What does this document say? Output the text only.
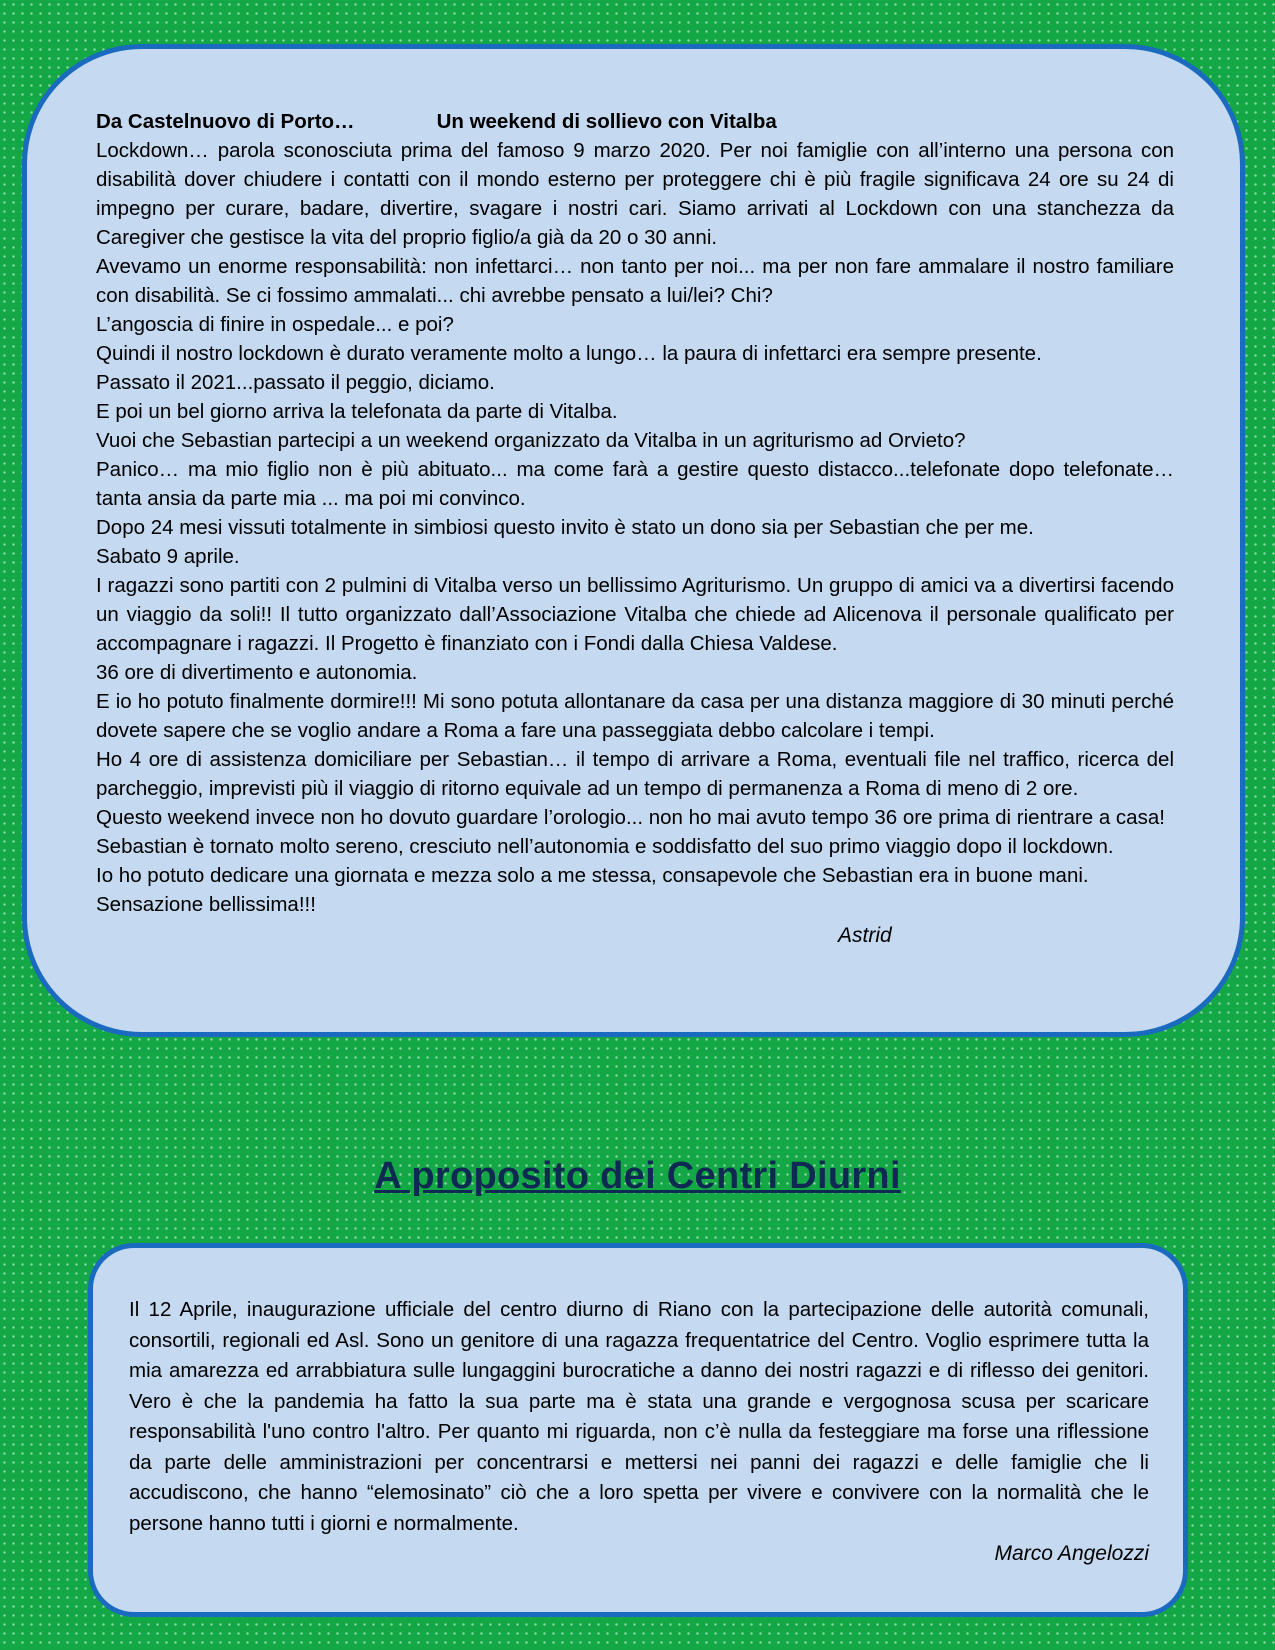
Da Castelnuovo di Porto…	Un weekend di sollievo con Vitalba

Lockdown… parola sconosciuta prima del famoso 9 marzo 2020. Per noi famiglie con all’interno una persona con disabilità dover chiudere i contatti con il mondo esterno per proteggere chi è più fragile significava 24 ore su 24 di impegno per curare, badare, divertire, svagare i nostri cari. Siamo arrivati al Lockdown con una stanchezza da Caregiver che gestisce la vita del proprio figlio/a già da 20 o 30 anni.

Avevamo un enorme responsabilità: non infettarci… non tanto per noi... ma per non fare ammalare il nostro familiare con disabilità. Se ci fossimo ammalati... chi avrebbe pensato a lui/lei? Chi?

L’angoscia di finire in ospedale... e poi?

Quindi il nostro lockdown è durato veramente molto a lungo… la paura di infettarci era sempre presente.

Passato il 2021...passato il peggio, diciamo.

E poi un bel giorno arriva la telefonata da parte di Vitalba.

Vuoi che Sebastian partecipi a un weekend organizzato da Vitalba in un agriturismo ad Orvieto?

Panico… ma mio figlio non è più abituato... ma come farà a gestire questo distacco...telefonate dopo telefonate… tanta ansia da parte mia ... ma poi mi convinco.

Dopo 24 mesi vissuti totalmente in simbiosi questo invito è stato un dono sia per Sebastian che per me.

Sabato 9 aprile.

I ragazzi sono partiti con 2 pulmini di Vitalba verso un bellissimo Agriturismo. Un gruppo di amici va a divertirsi facendo un viaggio da soli!! Il tutto organizzato dall’Associazione Vitalba che chiede ad Alicenova il personale qualificato per accompagnare i ragazzi. Il Progetto è finanziato con i Fondi dalla Chiesa Valdese.

36 ore di divertimento e autonomia.

E io ho potuto finalmente dormire!!! Mi sono potuta allontanare da casa per una distanza maggiore di 30 minuti perché dovete sapere che se voglio andare a Roma a fare una passeggiata debbo calcolare i tempi.

Ho 4 ore di assistenza domiciliare per Sebastian… il tempo di arrivare a Roma, eventuali file nel traffico, ricerca del parcheggio, imprevisti più il viaggio di ritorno equivale ad un tempo di permanenza a Roma di meno di 2 ore.

Questo weekend invece non ho dovuto guardare l’orologio... non ho mai avuto tempo 36 ore prima di rientrare a casa!

Sebastian è tornato molto sereno, cresciuto nell’autonomia e soddisfatto del suo primo viaggio dopo il lockdown.

Io ho potuto dedicare una giornata e mezza solo a me stessa, consapevole che Sebastian era in buone mani.

Sensazione bellissima!!!

Astrid
A proposito dei Centri Diurni

Il 12 Aprile, inaugurazione ufficiale del centro diurno di Riano con la partecipazione delle autorità comunali, consortili, regionali ed Asl. Sono un genitore di una ragazza frequentatrice del Centro. Voglio esprimere tutta la mia amarezza ed arrabbiatura sulle lungaggini burocratiche a danno dei nostri ragazzi e di riflesso dei genitori. Vero è che la pandemia ha fatto la sua parte ma è stata una grande e vergognosa scusa per scaricare responsabilità l'uno contro l'altro. Per quanto mi riguarda, non c’è nulla da festeggiare ma forse una riflessione da parte delle amministrazioni per concentrarsi e mettersi nei panni dei ragazzi e delle famiglie che li accudiscono, che hanno “elemosinato” ciò che a loro spetta per vivere e convivere con la normalità che le persone hanno tutti i giorni e normalmente.

Marco Angelozzi
